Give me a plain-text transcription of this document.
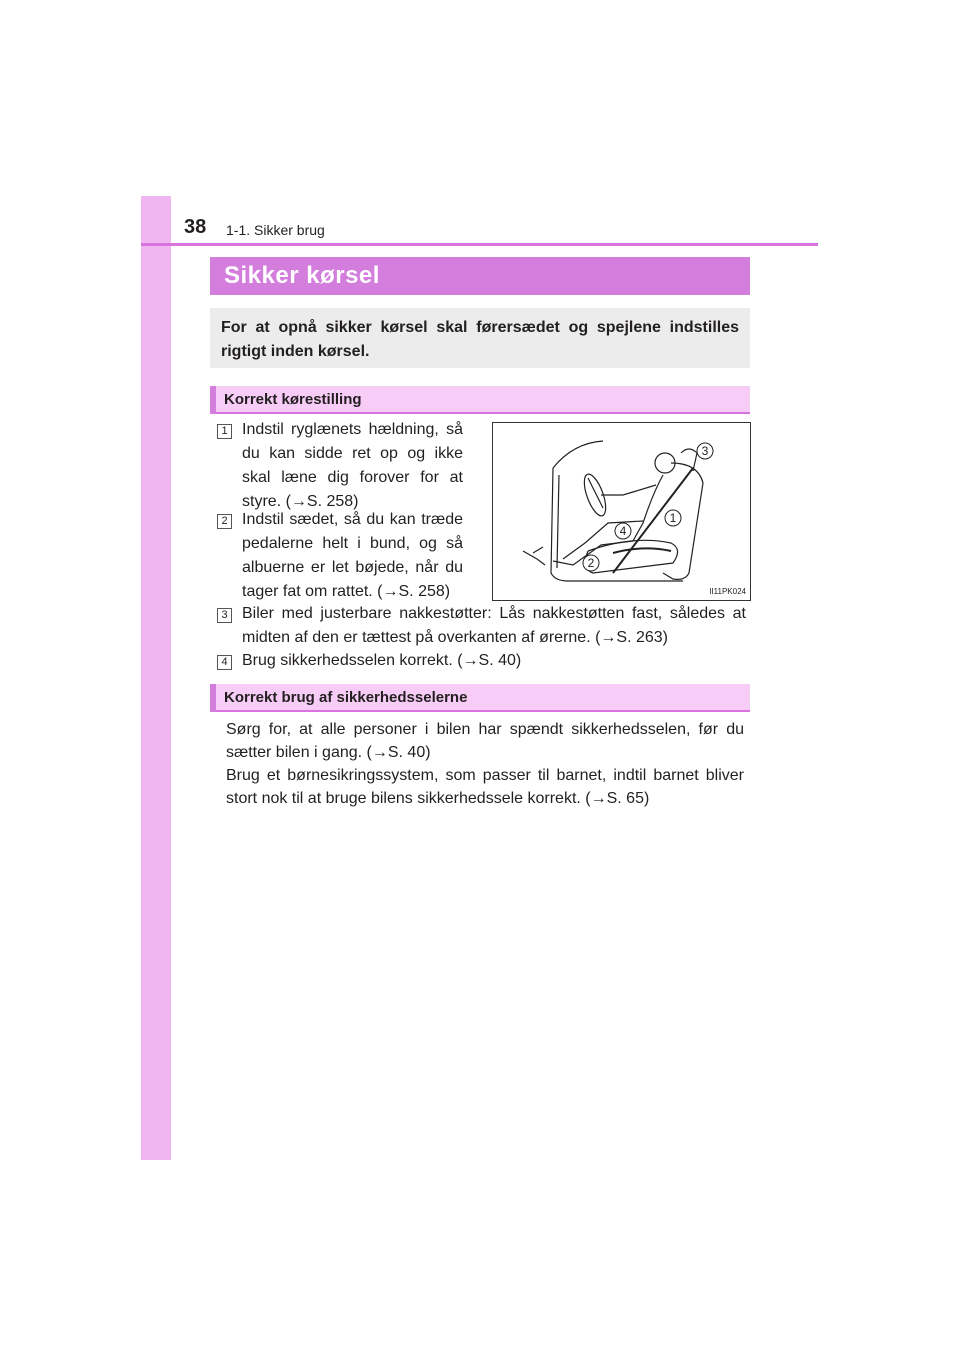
38 1-1. Sikker brug
Sikker kørsel
For at opnå sikker kørsel skal førersædet og spejlene indstilles rigtigt inden kørsel.
Korrekt kørestilling
1 Indstil ryglænets hældning, så du kan sidde ret op og ikke skal læne dig forover for at styre. (→S. 258)
2 Indstil sædet, så du kan træde pedalerne helt i bund, og så albuerne er let bøjede, når du tager fat om rattet. (→S. 258)
3
1
4
2
II11PK024
3 Biler med justerbare nakkestøtter: Lås nakkestøtten fast, således at midten af den er tættest på overkanten af ørerne. (→S. 263)
4 Brug sikkerhedsselen korrekt. (→S. 40)
Korrekt brug af sikkerhedsselerne
Sørg for, at alle personer i bilen har spændt sikkerhedsselen, før du sætter bilen i gang. (→S. 40)
Brug et børnesikringssystem, som passer til barnet, indtil barnet bliver stort nok til at bruge bilens sikkerhedssele korrekt. (→S. 65)
